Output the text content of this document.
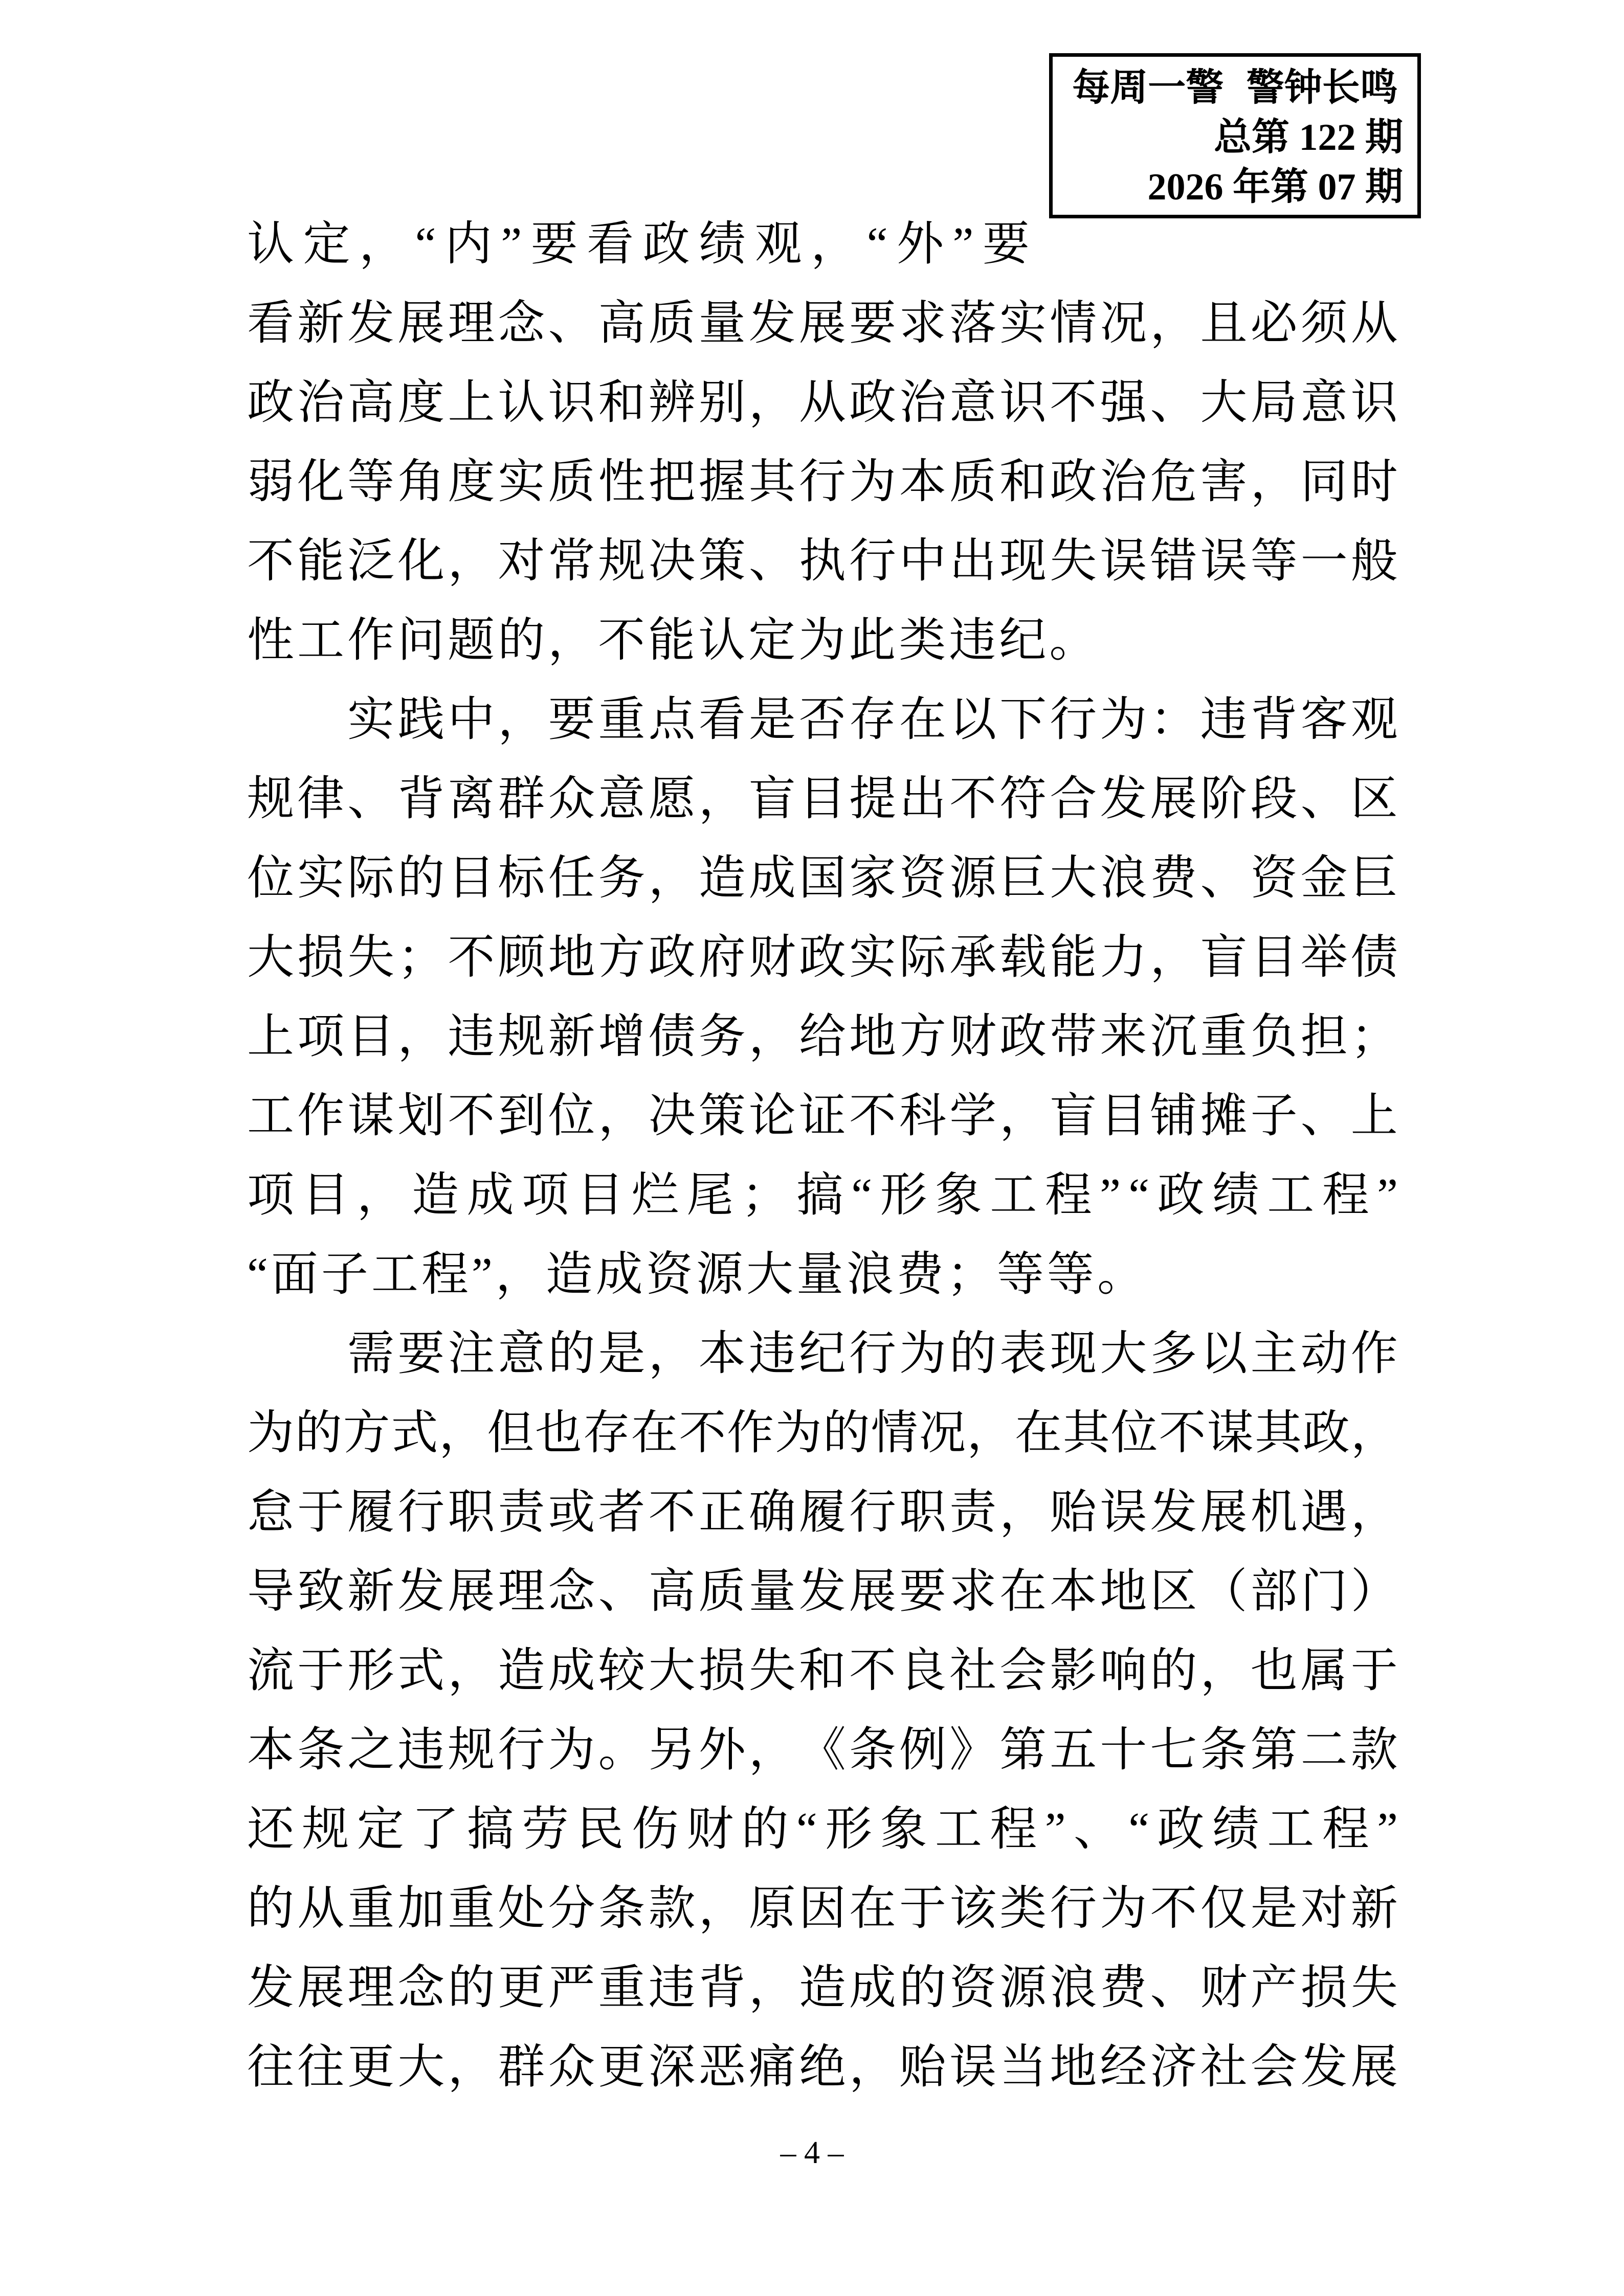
每周一警 警钟长鸣
总第 122 期
2026 年第 07 期
认 定 ， “ 内 ” 要 看 政 绩 观 ， “ 外 ” 要
看 新 发 展 理 念 、 高 质 量 发 展 要 求 落 实 情 况 ， 且 必 须 从
政 治 高 度 上 认 识 和 辨 别 ， 从 政 治 意 识 不 强 、 大 局 意 识
弱 化 等 角 度 实 质 性 把 握 其 行 为 本 质 和 政 治 危 害 ， 同 时
不 能 泛 化 ， 对 常 规 决 策 、 执 行 中 出 现 失 误 错 误 等 一 般
性 工 作 问 题 的 ， 不 能 认 定 为 此 类 违 纪 。

实 践 中 ， 要 重 点 看 是 否 存 在 以 下 行 为 ： 违 背 客 观
规 律 、 背 离 群 众 意 愿 ， 盲 目 提 出 不 符 合 发 展 阶 段 、 区
位 实 际 的 目 标 任 务 ， 造 成 国 家 资 源 巨 大 浪 费 、 资 金 巨
大 损 失 ； 不 顾 地 方 政 府 财 政 实 际 承 载 能 力 ， 盲 目 举 债
上 项 目 ， 违 规 新 增 债 务 ， 给 地 方 财 政 带 来 沉 重 负 担 ；
工 作 谋 划 不 到 位 ， 决 策 论 证 不 科 学 ， 盲 目 铺 摊 子 、 上
项 目 ， 造 成 项 目 烂 尾 ； 搞 “ 形 象 工 程 ” “ 政 绩 工 程 ”
“ 面 子 工 程 ” ， 造 成 资 源 大 量 浪 费 ； 等 等 。

需 要 注 意 的 是 ， 本 违 纪 行 为 的 表 现 大 多 以 主 动 作
为 的 方 式 ， 但 也 存 在 不 作 为 的 情 况 ， 在 其 位 不 谋 其 政 ，
怠 于 履 行 职 责 或 者 不 正 确 履 行 职 责 ， 贻 误 发 展 机 遇 ，
导 致 新 发 展 理 念 、 高 质 量 发 展 要 求 在 本 地 区 （ 部 门 ）
流 于 形 式 ， 造 成 较 大 损 失 和 不 良 社 会 影 响 的 ， 也 属 于
本 条 之 违 规 行 为 。 另 外 ， 《 条 例 》 第 五 十 七 条 第 二 款
还 规 定 了 搞 劳 民 伤 财 的 “ 形 象 工 程 ” 、 “ 政 绩 工 程 ”
的 从 重 加 重 处 分 条 款 ， 原 因 在 于 该 类 行 为 不 仅 是 对 新
发 展 理 念 的 更 严 重 违 背 ， 造 成 的 资 源 浪 费 、 财 产 损 失
往 往 更 大 ， 群 众 更 深 恶 痛 绝 ， 贻 误 当 地 经 济 社 会 发 展
– 4 –
